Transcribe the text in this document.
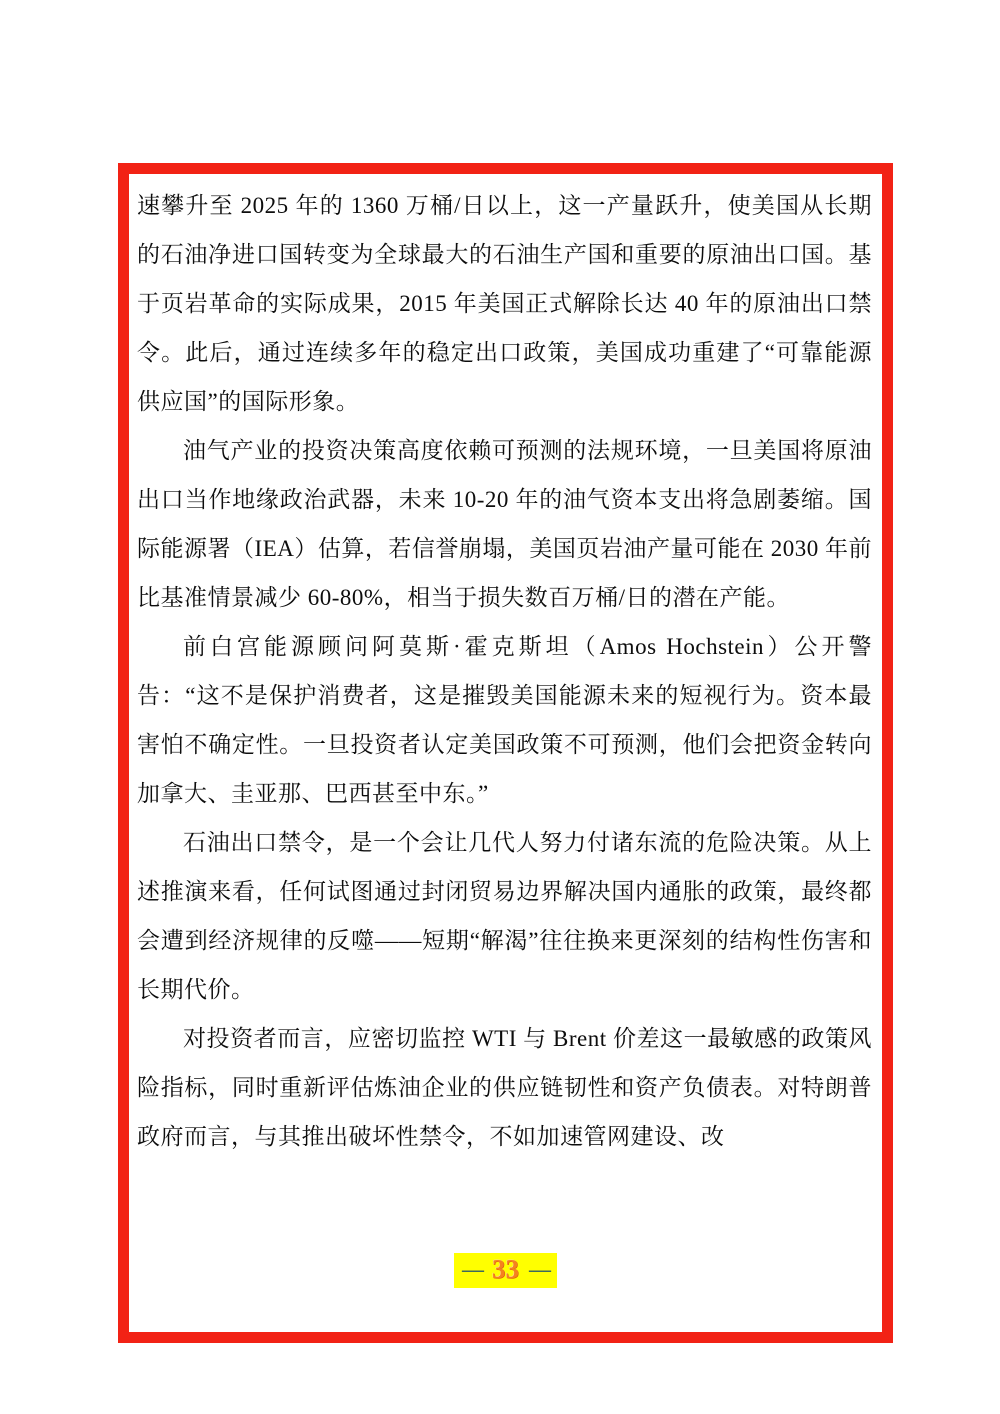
速攀升至 2025 年的 1360 万桶/日以上，这一产量跃升，使美国从长期的石油净进口国转变为全球最大的石油生产国和重要的原油出口国。基于页岩革命的实际成果，2015 年美国正式解除长达 40 年的原油出口禁令。此后，通过连续多年的稳定出口政策，美国成功重建了“可靠能源供应国”的国际形象。

油气产业的投资决策高度依赖可预测的法规环境，一旦美国将原油出口当作地缘政治武器，未来 10-20 年的油气资本支出将急剧萎缩。国际能源署（IEA）估算，若信誉崩塌，美国页岩油产量可能在 2030 年前比基准情景减少 60-80%，相当于损失数百万桶/日的潜在产能。

前白宫能源顾问阿莫斯·霍克斯坦（Amos Hochstein）公开警告：“这不是保护消费者，这是摧毁美国能源未来的短视行为。资本最害怕不确定性。一旦投资者认定美国政策不可预测，他们会把资金转向加拿大、圭亚那、巴西甚至中东。”

石油出口禁令，是一个会让几代人努力付诸东流的危险决策。从上述推演来看，任何试图通过封闭贸易边界解决国内通胀的政策，最终都会遭到经济规律的反噬——短期“解渴”往往换来更深刻的结构性伤害和长期代价。

对投资者而言，应密切监控 WTI 与 Brent 价差这一最敏感的政策风险指标，同时重新评估炼油企业的供应链韧性和资产负债表。对特朗普政府而言，与其推出破坏性禁令，不如加速管网建设、改

— 33 —
